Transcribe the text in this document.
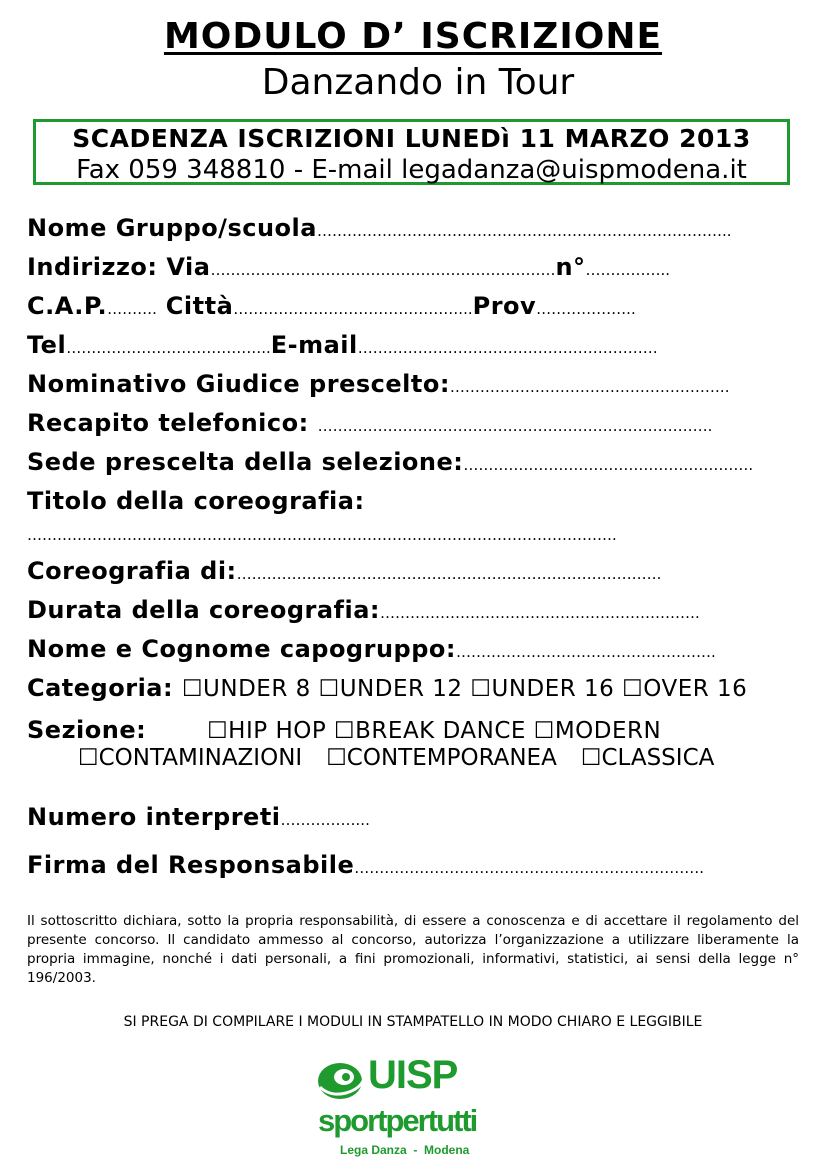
MODULO D’ ISCRIZIONE
Danzando in Tour
SCADENZA ISCRIZIONI LUNEDì 11 MARZO 2013
Fax 059 348810 - E-mail legadanza@uispmodena.it
Nome Gruppo/scuola………………………………………………………………………..
Indirizzo: Via……………………………………………………………n°……………..
C.A.P.………. Città………………………………………...Prov………………..
Tel…………………………………..E-mail……………………………………………………
Nominativo Giudice prescelto:………………………………………………..
Recapito telefonico: …………………………………………………………………….
Sede prescelta della selezione:………………………………………………….
Titolo della coreografia:
……………………………………………………………………………………………………….
Coreografia di:………………………………………………………………………….
Durata della coreografia:……………………………………………………….
Nome e Cognome capogruppo:…………………………………………….
Categoria: ☐UNDER 8 ☐UNDER 12 ☐UNDER 16 ☐OVER 16
Sezione: ☐HIP HOP ☐BREAK DANCE ☐MODERN
☐CONTAMINAZIONI ☐CONTEMPORANEA ☐CLASSICA
Numero interpreti……………...
Firma del Responsabile…………………………………………………………….
Il sottoscritto dichiara, sotto la propria responsabilità, di essere a conoscenza e di accettare il regolamento del presente concorso. Il candidato ammesso al concorso, autorizza l’organizzazione a utilizzare liberamente la propria immagine, nonché i dati personali, a fini promozionali, informativi, statistici, ai sensi della legge n° 196/2003.
SI PREGA DI COMPILARE I MODULI IN STAMPATELLO IN MODO CHIARO E LEGGIBILE
UISP
sportpertutti
Lega Danza  -  Modena
